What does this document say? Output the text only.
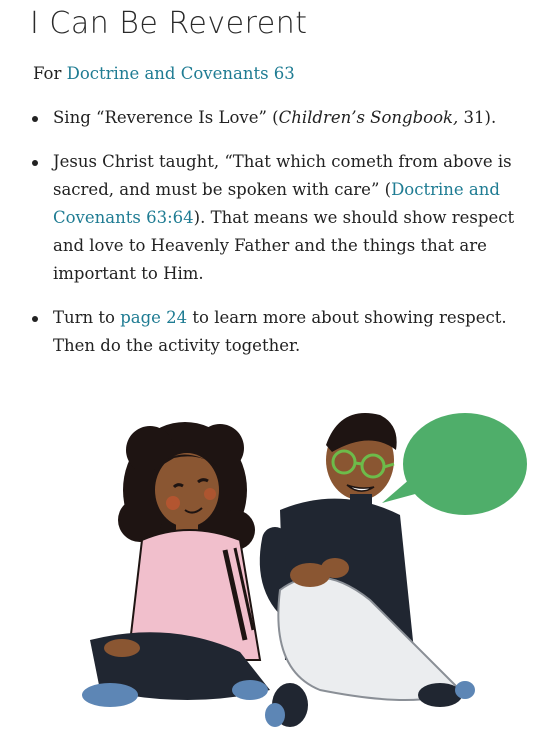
I Can Be Reverent

For Doctrine and Covenants 63

Sing “Reverence Is Love” (Children’s Songbook, 31).
Jesus Christ taught, “That which cometh from above is sacred, and must be spoken with care” (Doctrine and Covenants 63:64). That means we should show respect and love to Heavenly Father and the things that are important to Him.
Turn to page 24 to learn more about showing respect. Then do the activity together.
